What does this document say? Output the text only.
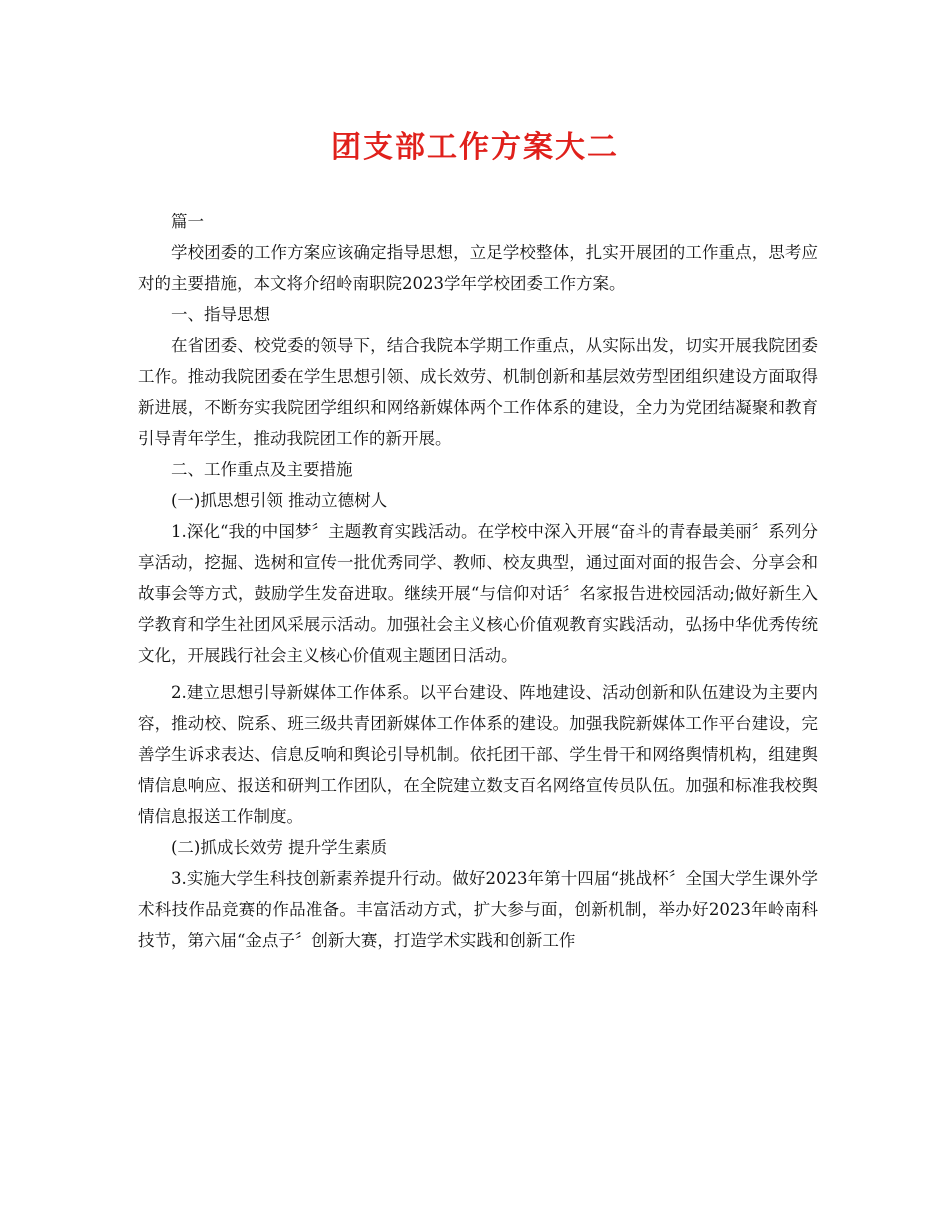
团支部工作方案大二

篇一

学校团委的工作方案应该确定指导思想，立足学校整体，扎实开展团的工作重点，思考应对的主要措施，本文将介绍岭南职院2023学年学校团委工作方案。

一、指导思想

在省团委、校党委的领导下，结合我院本学期工作重点，从实际出发，切实开展我院团委工作。推动我院团委在学生思想引领、成长效劳、机制创新和基层效劳型团组织建设方面取得新进展，不断夯实我院团学组织和网络新媒体两个工作体系的建设，全力为党团结凝聚和教育引导青年学生，推动我院团工作的新开展。

二、工作重点及主要措施

(一)抓思想引领 推动立德树人

1.深化“我的中国梦〞主题教育实践活动。在学校中深入开展“奋斗的青春最美丽〞系列分享活动，挖掘、选树和宣传一批优秀同学、教师、校友典型，通过面对面的报告会、分享会和故事会等方式，鼓励学生发奋进取。继续开展“与信仰对话〞名家报告进校园活动;做好新生入学教育和学生社团风采展示活动。加强社会主义核心价值观教育实践活动，弘扬中华优秀传统文化，开展践行社会主义核心价值观主题团日活动。

2.建立思想引导新媒体工作体系。以平台建设、阵地建设、活动创新和队伍建设为主要内容，推动校、院系、班三级共青团新媒体工作体系的建设。加强我院新媒体工作平台建设，完善学生诉求表达、信息反响和舆论引导机制。依托团干部、学生骨干和网络舆情机构，组建舆情信息响应、报送和研判工作团队，在全院建立数支百名网络宣传员队伍。加强和标准我校舆情信息报送工作制度。

(二)抓成长效劳 提升学生素质

3.实施大学生科技创新素养提升行动。做好2023年第十四届“挑战杯〞全国大学生课外学术科技作品竞赛的作品准备。丰富活动方式，扩大参与面，创新机制，举办好2023年岭南科技节，第六届“金点子〞创新大赛，打造学术实践和创新工作
